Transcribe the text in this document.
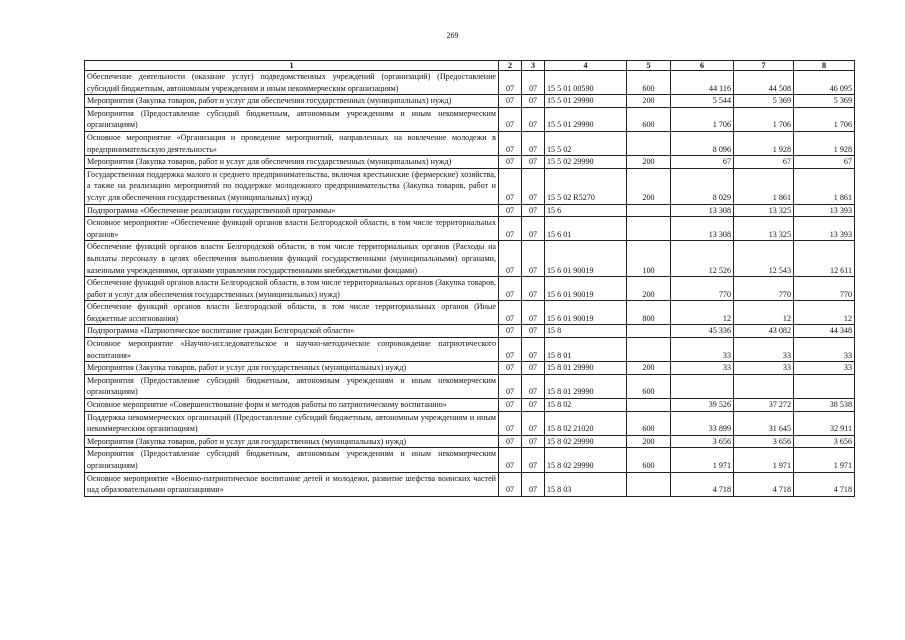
269
1	2	3	4	5	6	7	8
Обеспечение деятельности (оказание услуг) подведомственных учреждений (организаций) (Предоставление субсидий бюджетным, автономным учреждениям и иным некоммерческим организациям)	07	07	15 5 01 00590	600	44 116	44 508	46 095
Мероприятия (Закупка товаров, работ и услуг для обеспечения государственных (муниципальных) нужд)	07	07	15 5 01 29990	200	5 544	5 369	5 369
Мероприятия (Предоставление субсидий бюджетным, автономным учреждениям и иным некоммерческим организациям)	07	07	15 5 01 29990	600	1 706	1 706	1 706
Основное мероприятие «Организация и проведение мероприятий, направленных на вовлечение молодежи в предпринимательскую деятельность»	07	07	15 5 02		8 096	1 928	1 928
Мероприятия (Закупка товаров, работ и услуг для обеспечения государственных (муниципальных) нужд)	07	07	15 5 02 29990	200	67	67	67
Государственная поддержка малого и среднего предпринимательства, включая крестьянские (фермерские) хозяйства, а также на реализацию мероприятий по поддержке молодежного предпринимательства (Закупка товаров, работ и услуг для обеспечения государственных (муниципальных) нужд)	07	07	15 5 02 R5270	200	8 029	1 861	1 861
Подпрограмма «Обеспечение реализации государственной программы»	07	07	15 6		13 308	13 325	13 393
Основное мероприятие «Обеспечение функций органов власти Белгородской области, в том числе территориальных органов»	07	07	15 6 01		13 308	13 325	13 393
Обеспечение функций органов власти Белгородской области, в том числе территориальных органов (Расходы на выплаты персоналу в целях обеспечения выполнения функций государственными (муниципальными) органами, казенными учреждениями, органами управления государственными внебюджетными фондами)	07	07	15 6 01 90019	100	12 526	12 543	12 611
Обеспечение функций органов власти Белгородской области, в том числе территориальных органов (Закупка товаров, работ и услуг для обеспечения государственных (муниципальных) нужд)	07	07	15 6 01 90019	200	770	770	770
Обеспечение функций органов власти Белгородской области, в том числе территориальных органов (Иные бюджетные ассигнования)	07	07	15 6 01 90019	800	12	12	12
Подпрограмма «Патриотическое воспитание граждан Белгородской области»	07	07	15 8		45 336	43 082	44 348
Основное мероприятие «Научно-исследовательское и научно-методическое сопровождение патриотического воспитания»	07	07	15 8 01		33	33	33
Мероприятия (Закупка товаров, работ и услуг для государственных (муниципальных) нужд)	07	07	15 8 01 29990	200	33	33	33
Мероприятия (Предоставление субсидий бюджетным, автономным учреждениям и иным некоммерческим организациям)	07	07	15 8 01 29990	600			
Основное мероприятие «Совершенствование форм и методов работы по патриотическому воспитанию»	07	07	15 8 02		39 526	37 272	38 538
Поддержка некоммерческих организаций (Предоставление субсидий бюджетным, автономным учреждениям и иным некоммерческим организациям)	07	07	15 8 02 21020	600	33 899	31 645	32 911
Мероприятия (Закупка товаров, работ и услуг для государственных (муниципальных) нужд)	07	07	15 8 02 29990	200	3 656	3 656	3 656
Мероприятия (Предоставление субсидий бюджетным, автономным учреждениям и иным некоммерческим организациям)	07	07	15 8 02 29990	600	1 971	1 971	1 971
Основное мероприятие «Военно-патриотическое воспитание детей и молодежи, развитие шефства воинских частей над образовательными организациями»	07	07	15 8 03		4 718	4 718	4 718
